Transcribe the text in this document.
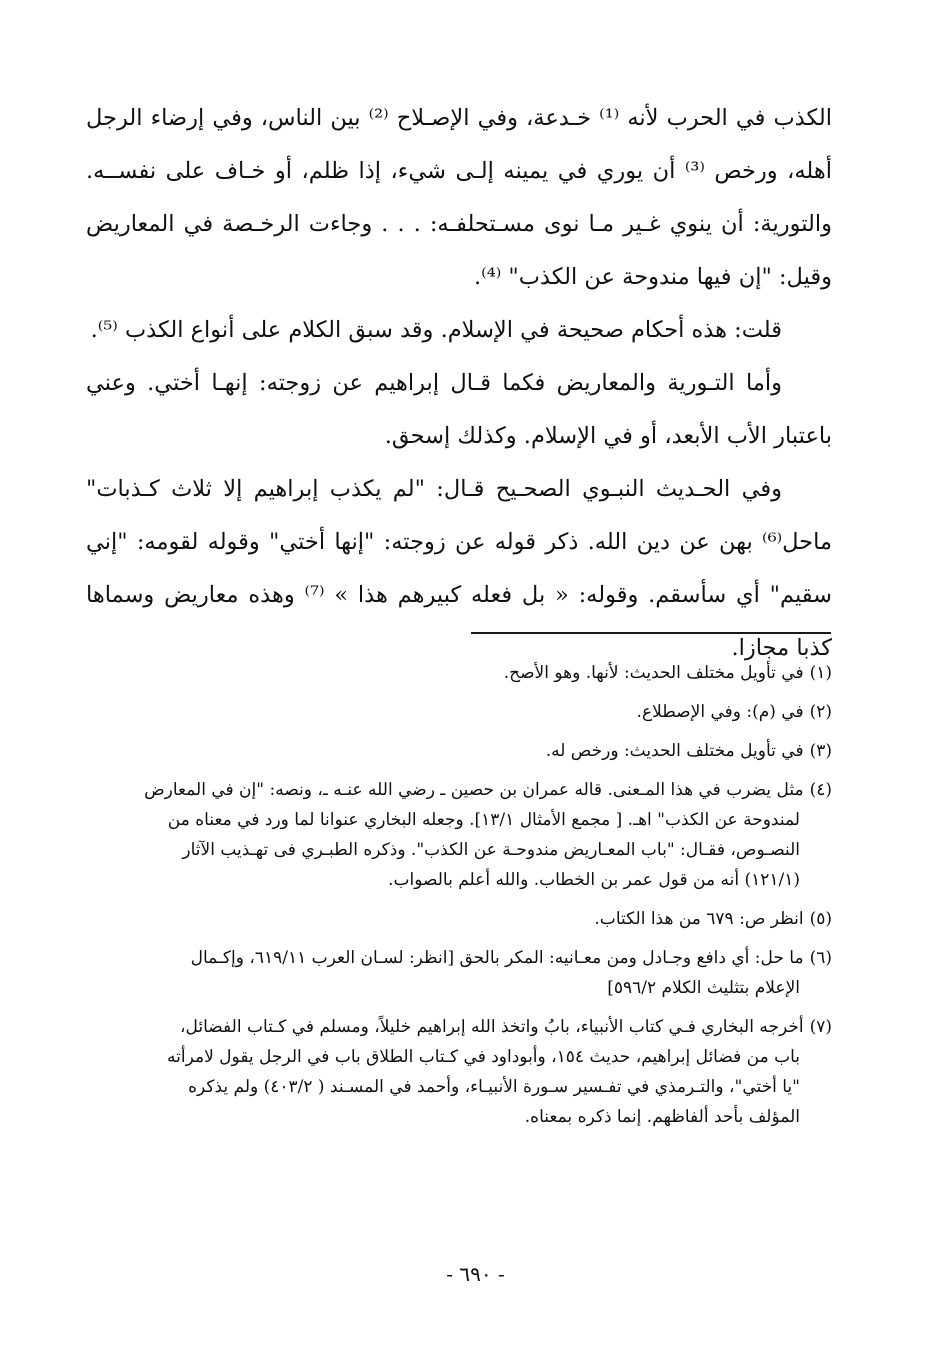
الكذب في الحرب لأنه ⁽¹⁾ خـدعة، وفي الإصـلاح ⁽²⁾ بين الناس، وفي إرضاء الرجل أهله، ورخص ⁽³⁾ أن يوري في يمينه إلـى شيء، إذا ظلم، أو خـاف على نفســه. والتورية: أن ينوي غـير مـا نوى مسـتحلفـه: . . . وجاءت الرخـصة في المعاريض وقيل: "إن فيها مندوحة عن الكذب" ⁽⁴⁾.

قلت: هذه أحكام صحيحة في الإسلام. وقد سبق الكلام على أنواع الكذب ⁽⁵⁾.

وأما التـورية والمعاريض فكما قـال إبراهيم عن زوجته: إنهـا أختي. وعني باعتبار الأب الأبعد، أو في الإسلام. وكذلك إسحق.

وفي الحـديث النبـوي الصحـيح قـال: "لم يكذب إبراهيم إلا ثلاث كـذبات" ماحل⁽⁶⁾ بهن عن دين الله. ذكر قوله عن زوجته: "إنها أختي" وقوله لقومه: "إني سقيم" أي سأسقم. وقوله: « بل فعله كبيرهم هذا » ⁽⁷⁾ وهذه معاريض وسماها كذبا مجازا.

(١)في تأويل مختلف الحديث: لأنها. وهو الأصح.

(٢)في (م): وفي الإصطلاع.

(٣)في تأويل مختلف الحديث: ورخص له.

(٤)مثل يضرب في هذا المـعنى. قاله عمران بن حصين ـ رضي الله عنـه ـ، ونصه: "إن في المعارض
لمندوحة عن الكذب" اهـ. [ مجمع الأمثال ١٣/١]. وجعله البخاري عنوانا لما ورد في معناه من
النصـوص، فقـال: "باب المعـاريض مندوحـة عن الكذب". وذكره الطبـري فى تهـذيب الآثار
(١٢١/١) أنه من قول عمر بن الخطاب. والله أعلم بالصواب.

(٥)انظر ص: ٦٧٩ من هذا الكتاب.

(٦)ما حل: أي دافع وجـادل ومن معـانيه: المكر بالحق [انظر: لسـان العرب ٦١٩/١١، وإكـمال
الإعلام بتثليث الكلام ٥٩٦/٢]

(٧)أخرجه البخاري فـي كتاب الأنبياء، بابُ واتخذ الله إبراهيم خليلاً، ومسلم في كـتاب الفضائل،
باب من فضائل إبراهيم، حديث ١٥٤، وأبوداود في كـتاب الطلاق باب في الرجل يقول لامرأته
"يا أختي"، والتـرمذي في تفـسير سـورة الأنبيـاء، وأحمد في المسـند ( ٤٠٣/٢) ولم يذكره
المؤلف بأحد ألفاظهم. إنما ذكره بمعناه.

- ٦٩٠ -
